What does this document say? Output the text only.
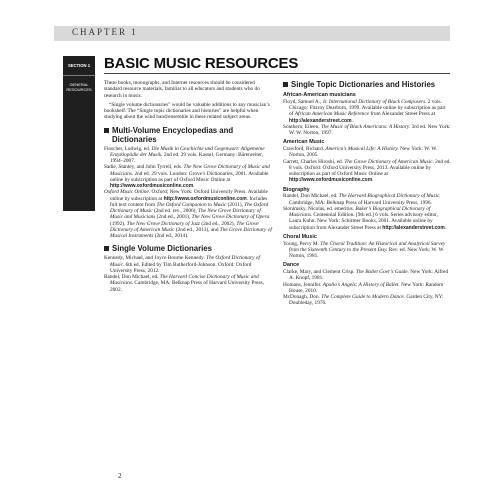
CHAPTER 1
SECTION 1
GENERAL RESOURCES
BASIC MUSIC RESOURCES

These books, monographs, and Internet resources should be considered standard resource materials, familiar to all educators and students who do research in music.

“Single volume dictionaries” would be valuable additions to any musician’s bookshelf. The “Single topic dictionaries and histories” are helpful when studying about the wind band/ensemble in these related subject areas.

Multi-Volume Encyclopedias and Dictionaries
Finscher, Ludwig, ed. Die Musik in Geschichte und Gegenwart: Allgemeine Enzyklopädie der Musik. 2nd ed. 29 vols. Kassel, Germany: Bärenreiter, 1994–2007.
Sadie, Stanley, and John Tyrrell, eds. The New Grove Dictionary of Music and Musicians. 2nd ed. 29 vols. London: Grove’s Dictionaries, 2001. Available online by subscription as part of Oxford Music Online at http://www.oxfordmusiconline.com.
Oxford Music Online. Oxford; New York: Oxford University Press. Available online by subscription at http://www.oxfordmusiconline.com. Includes full text content from The Oxford Companion to Music (2011), The Oxford Dictionary of Music (2nd ed. rev., 2006), The New Grove Dictionary of Music and Musicians (2nd ed., 2001), The New Grove Dictionary of Opera (1992), The New Grove Dictionary of Jazz (2nd ed., 2002), The Grove Dictionary of American Music (2nd ed., 2013), and The Grove Dictionary of Musical Instruments (2nd ed., 2014).
Single Volume Dictionaries
Kennedy, Michael, and Joyce Bourne Kennedy. The Oxford Dictionary of Music. 6th ed. Edited by Tim Rutherford-Johnson. Oxford: Oxford University Press, 2012.
Randel, Don Michael, ed. The Harvard Concise Dictionary of Music and Musicians. Cambridge, MA: Belknap Press of Harvard University Press, 2002.
Single Topic Dictionaries and Histories
African-American musicians
Floyd, Samuel A., Jr. International Dictionary of Black Composers. 2 vols. Chicago: Fitzroy Dearborn, 1999. Available online by subscription as part of African American Music Reference from Alexander Street Press at http://alexanderstreet.com.
Southern, Eileen. The Music of Black Americans: A History. 3rd ed. New York: W. W. Norton, 1997.
American Music
Crawford, Richard. America’s Musical Life: A History. New York: W. W. Norton, 2005.
Garrett, Charles Hiroshi, ed. The Grove Dictionary of American Music. 2nd ed. 8 vols. Oxford: Oxford University Press, 2013. Available online by subscription as part of Oxford Music Online at http://www.oxfordmusiconline.com.
Biography
Randel, Don Michael, ed. The Harvard Biographical Dictionary of Music. Cambridge, MA: Belknap Press of Harvard University Press, 1996.
Slonimsky, Nicolas, ed. emeritus. Baker’s Biographical Dictionary of Musicians. Centennial Edition. [9th ed.] 6 vols. Series advisory editor, Laura Kuhn. New York: Schirmer Books, 2001. Available online by subscription from Alexander Street Press at http://alexanderstreet.com.
Choral Music
Young, Percy M. The Choral Tradition: An Historical and Analytical Survey from the Sixteenth Century to the Present Day. Rev. ed. New York: W. W. Norton, 1981.
Dance
Clarke, Mary, and Clement Crisp. The Ballet Goer’s Guide. New York: Alfred A. Knopf, 1981.
Homans, Jennifer. Apollo’s Angels: A History of Ballet. New York: Random House, 2010.
McDonagh, Don. The Complete Guide to Modern Dance. Garden City, NY: Doubleday, 1976.
2
